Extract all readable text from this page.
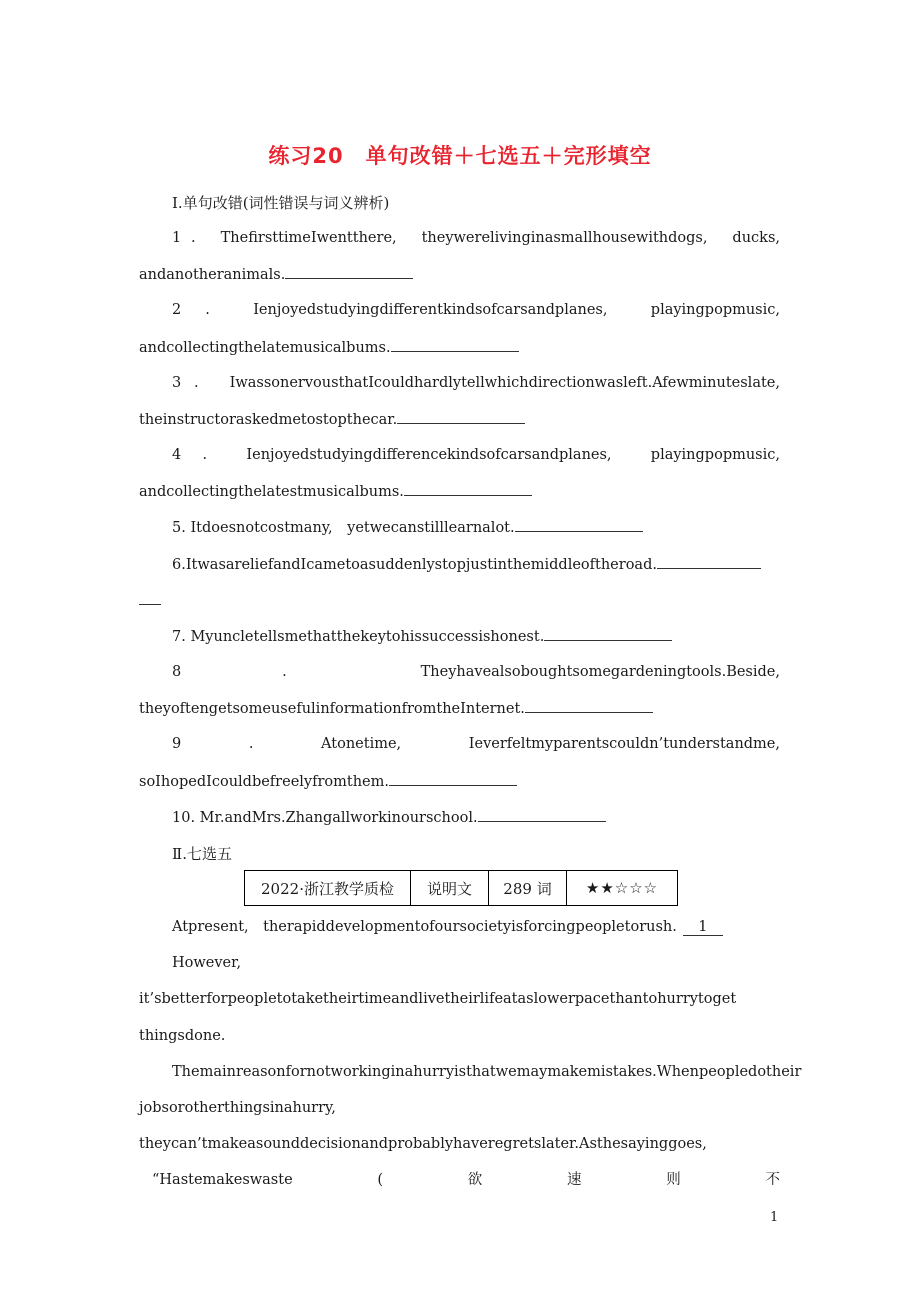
练习20　单句改错＋七选五＋完形填空
Ⅰ.单句改错(词性错误与词义辨析)
1 .　TheﬁrsttimeIwentthere,　theywerelivinginasmallhousewithdogs,　ducks,
andanotheranimals.
2　.　　Ienjoyedstudyingdifferentkindsofcarsandplanes,　　playingpopmusic,
andcollectingthelatemusicalbums.
3 .　IwassonervousthatIcouldhardlytellwhichdirectionwasleft.Afewminuteslate,
theinstructoraskedmetostopthecar.
4　.　　Ienjoyedstudyingdifferencekindsofcarsandplanes,　　playingpopmusic,
andcollectingthelatestmusicalbums.
5. Itdoesnotcostmany,　yetwecanstilllearnalot.
6.ItwasareliefandIcametoasuddenlystopjustinthemiddleoftheroad.
7. Myuncletellsmethatthekeytohissuccessishonest.
8　　　　　　.　　　　　　　　Theyhavealsoboughtsomegardeningtools.Beside,
theyoftengetsomeusefulinformationfromtheInternet.
9　　　　.　　　　Atonetime,　　　　Ieverfeltmyparentscouldn’tunderstandme,
soIhopedIcouldbefreelyfromthem.
10. Mr.andMrs.Zhangallworkinourschool.
Ⅱ.七选五
2022·浙江教学质检	说明文	289 词	★★☆☆☆
Atpresent,　therapiddevelopmentofoursocietyisforcingpeopletorush. 1
However,
it’sbetterforpeopletotaketheirtimeandlivetheirlifeataslowerpacethantohurrytoget
thingsdone.
Themainreasonfornotworkinginahurryisthatwemaymakemistakes.Whenpeopledotheir
jobsorotherthingsinahurry,
theycan’tmakeasounddecisionandprobablyhaveregretslater.Asthesayinggoes,
“Hastemakeswaste	(	欲	速	则	不
1
